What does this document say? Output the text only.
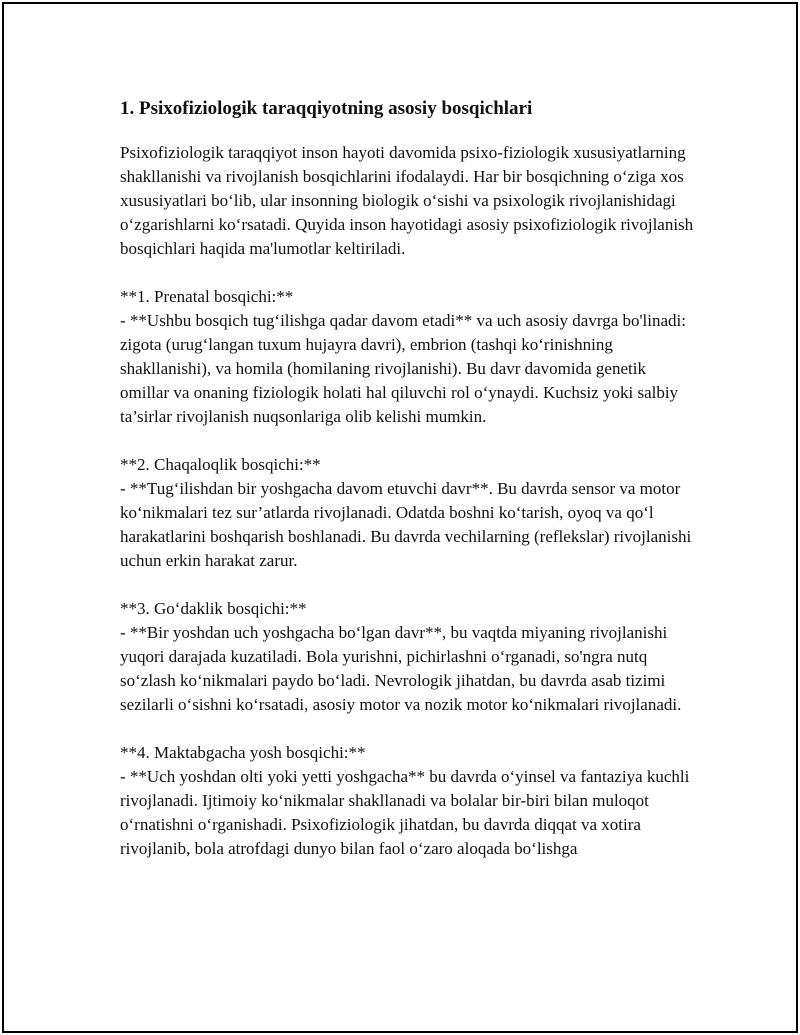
1. Psixofiziologik taraqqiyotning asosiy bosqichlari

Psixofiziologik taraqqiyot inson hayoti davomida psixo-fiziologik xususiyatlarning shakllanishi va rivojlanish bosqichlarini ifodalaydi. Har bir bosqichning o‘ziga xos xususiyatlari bo‘lib, ular insonning biologik o‘sishi va psixologik rivojlanishidagi o‘zgarishlarni ko‘rsatadi. Quyida inson hayotidagi asosiy psixofiziologik rivojlanish bosqichlari haqida ma'lumotlar keltiriladi.

**1. Prenatal bosqichi:**

- **Ushbu bosqich tug‘ilishga qadar davom etadi** va uch asosiy davrga bo'linadi: zigota (urug‘langan tuxum hujayra davri), embrion (tashqi ko‘rinishning shakllanishi), va homila (homilaning rivojlanishi). Bu davr davomida genetik omillar va onaning fiziologik holati hal qiluvchi rol o‘ynaydi. Kuchsiz yoki salbiy ta’sirlar rivojlanish nuqsonlariga olib kelishi mumkin.

**2. Chaqaloqlik bosqichi:**

- **Tug‘ilishdan bir yoshgacha davom etuvchi davr**. Bu davrda sensor va motor ko‘nikmalari tez sur’atlarda rivojlanadi. Odatda boshni ko‘tarish, oyoq va qo‘l harakatlarini boshqarish boshlanadi. Bu davrda vechilarning (reflekslar) rivojlanishi uchun erkin harakat zarur.

**3. Go‘daklik bosqichi:**

- **Bir yoshdan uch yoshgacha bo‘lgan davr**, bu vaqtda miyaning rivojlanishi yuqori darajada kuzatiladi. Bola yurishni, pichirlashni o‘rganadi, so'ngra nutq so‘zlash ko‘nikmalari paydo bo‘ladi. Nevrologik jihatdan, bu davrda asab tizimi sezilarli o‘sishni ko‘rsatadi, asosiy motor va nozik motor ko‘nikmalari rivojlanadi.

**4. Maktabgacha yosh bosqichi:**

- **Uch yoshdan olti yoki yetti yoshgacha** bu davrda o‘yinsel va fantaziya kuchli rivojlanadi. Ijtimoiy ko‘nikmalar shakllanadi va bolalar bir-biri bilan muloqot o‘rnatishni o‘rganishadi. Psixofiziologik jihatdan, bu davrda diqqat va xotira rivojlanib, bola atrofdagi dunyo bilan faol o‘zaro aloqada bo‘lishga
